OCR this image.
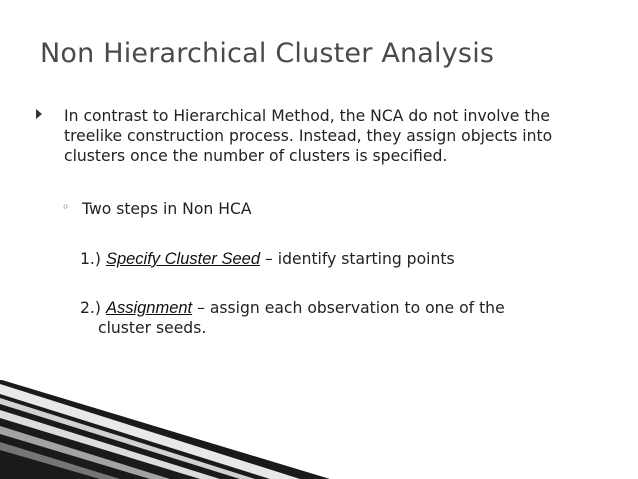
Non Hierarchical Cluster Analysis
In contrast to Hierarchical Method, the NCA do not involve the treelike construction process. Instead, they assign objects into clusters once the number of clusters is specified.
◦ Two steps in Non HCA
1.) Specify Cluster Seed – identify starting points
2.) Assignment – assign each observation to one of the
cluster seeds.
